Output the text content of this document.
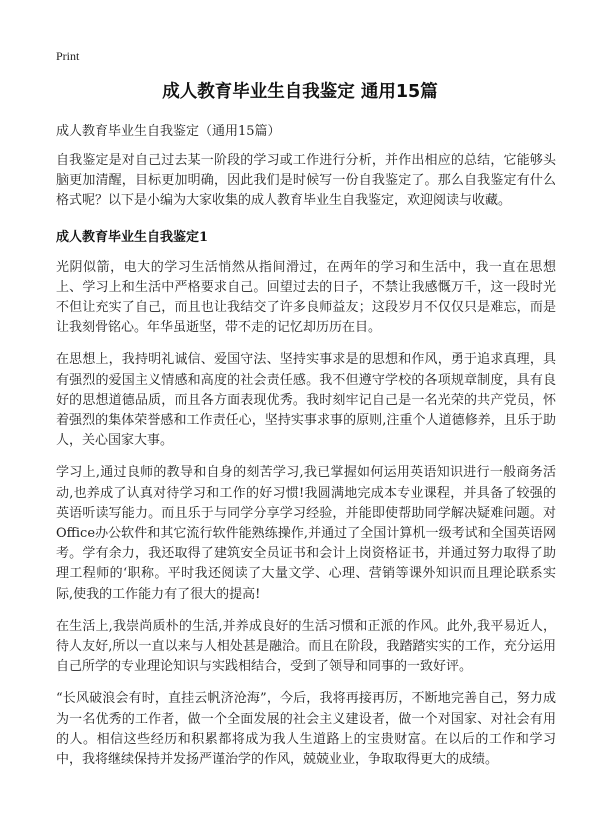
Print
成人教育毕业生自我鉴定 通用15篇
成人教育毕业生自我鉴定（通用15篇）

自我鉴定是对自己过去某一阶段的学习或工作进行分析，并作出相应的总结，它能够头脑更加清醒，目标更加明确，因此我们是时候写一份自我鉴定了。那么自我鉴定有什么格式呢？以下是小编为大家收集的成人教育毕业生自我鉴定，欢迎阅读与收藏。

成人教育毕业生自我鉴定1

光阴似箭，电大的学习生活悄然从指间滑过，在两年的学习和生活中，我一直在思想上、学习上和生活中严格要求自己。回望过去的日子，不禁让我感慨万千，这一段时光不但让充实了自己，而且也让我结交了许多良师益友；这段岁月不仅仅只是难忘，而是让我刻骨铭心。年华虽逝坚，带不走的记忆却历历在目。

在思想上，我持明礼诚信、爱国守法、坚持实事求是的思想和作风，勇于追求真理，具有强烈的爱国主义情感和高度的社会责任感。我不但遵守学校的各项规章制度，具有良好的思想道德品质，而且各方面表现优秀。我时刻牢记自己是一名光荣的共产党员，怀着强烈的集体荣誉感和工作责任心，坚持实事求事的原则,注重个人道德修养，且乐于助人，关心国家大事。

学习上,通过良师的教导和自身的刻苦学习,我已掌握如何运用英语知识进行一般商务活动,也养成了认真对待学习和工作的好习惯!我圆满地完成本专业课程，并具备了较强的英语听读写能力。而且乐于与同学分享学习经验，并能即使帮助同学解决疑难问题。对Office办公软件和其它流行软件能熟练操作,并通过了全国计算机一级考试和全国英语网考。学有余力，我还取得了建筑安全员证书和会计上岗资格证书，并通过努力取得了助理工程师的‘职称。平时我还阅读了大量文学、心理、营销等课外知识而且理论联系实际,使我的工作能力有了很大的提高!

在生活上,我崇尚质朴的生活,并养成良好的生活习惯和正派的作风。此外,我平易近人，待人友好,所以一直以来与人相处甚是融洽。而且在阶段，我踏踏实实的工作，充分运用自己所学的专业理论知识与实践相结合，受到了领导和同事的一致好评。

“长风破浪会有时，直挂云帆济沧海”，今后，我将再接再厉，不断地完善自己，努力成为一名优秀的工作者，做一个全面发展的社会主义建设者，做一个对国家、对社会有用的人。相信这些经历和积累都将成为我人生道路上的宝贵财富。在以后的工作和学习中，我将继续保持并发扬严谨治学的作风，兢兢业业，争取取得更大的成绩。
